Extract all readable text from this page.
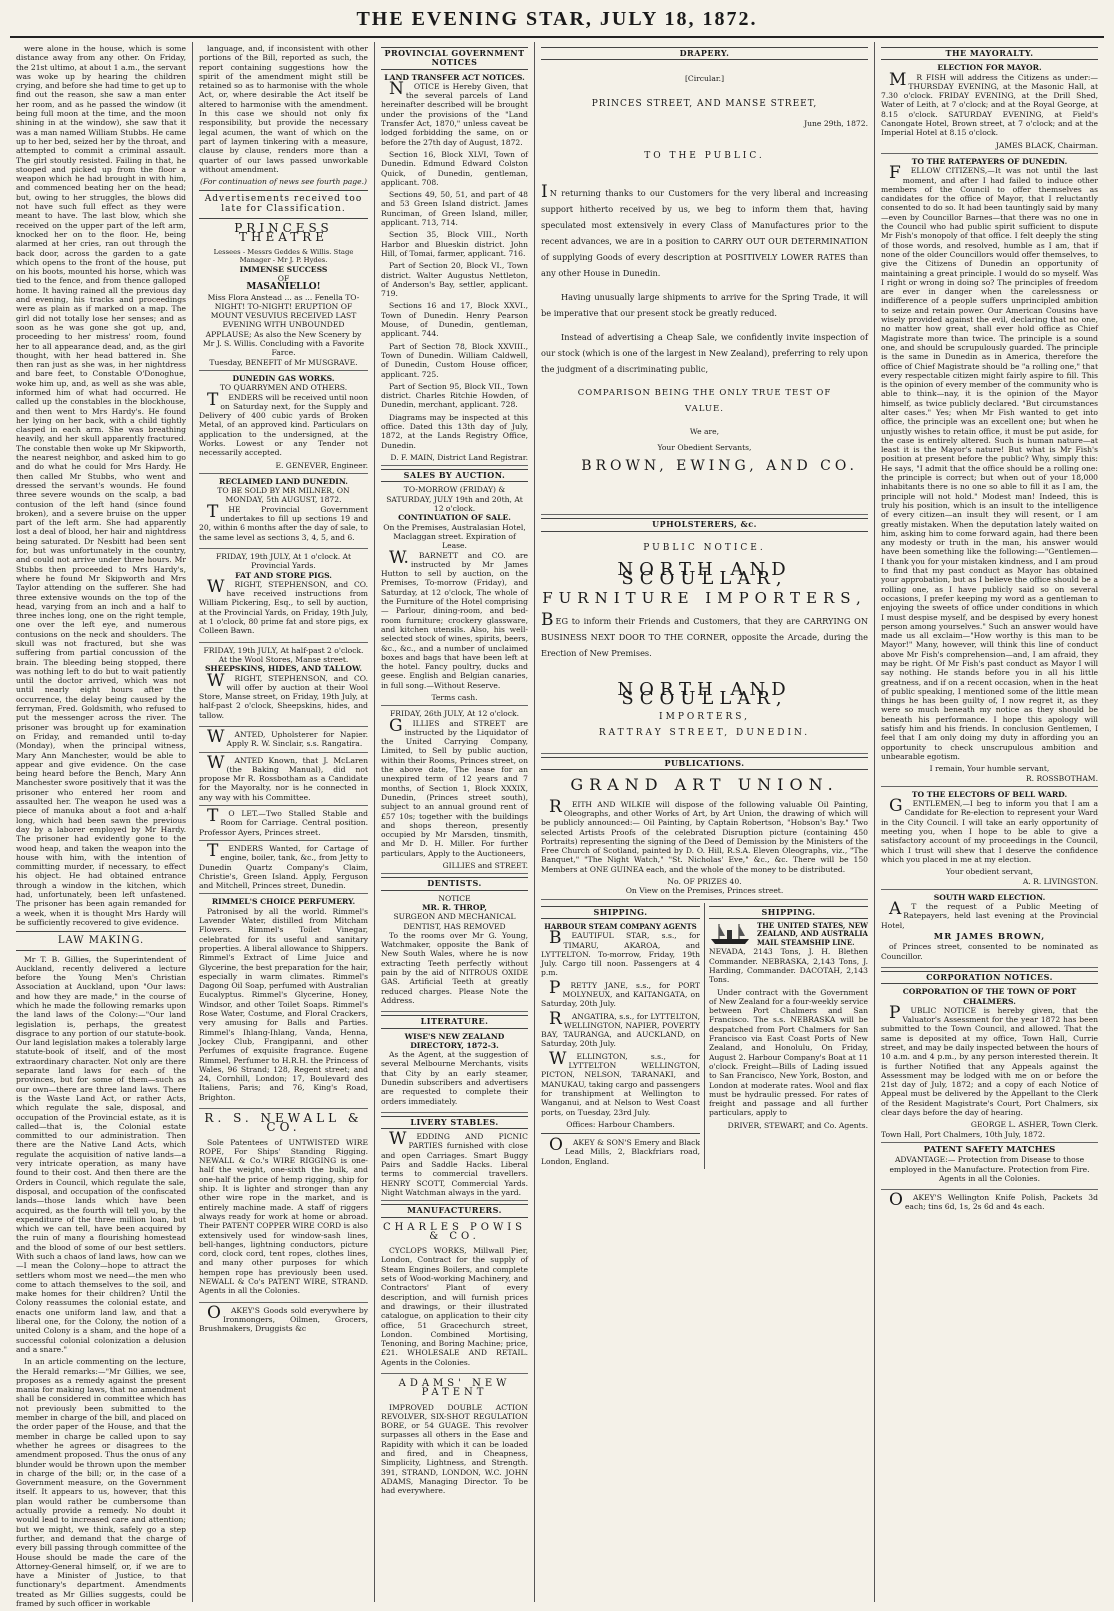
THE EVENING STAR, JULY 18, 1872.

were alone in the house, which is some distance away from any other. On Friday, the 21st ultimo, at about 1 a.m., the servant was woke up by hearing the children crying, and before she had time to get up to find out the reason, she saw a man enter her room, and as he passed the window (it being full moon at the time, and the moon shining in at the window), she saw that it was a man named William Stubbs. He came up to her bed, seized her by the throat, and attempted to commit a criminal assault. The girl stoutly resisted. Failing in that, he stooped and picked up from the floor a weapon which he had brought in with him, and commenced beating her on the head; but, owing to her struggles, the blows did not have such full effect as they were meant to have. The last blow, which she received on the upper part of the left arm, knocked her on to the floor. He, being alarmed at her cries, ran out through the back door, across the garden to a gate which opens to the front of the house, put on his boots, mounted his horse, which was tied to the fence, and from thence galloped home. It having rained all the previous day and evening, his tracks and proceedings were as plain as if marked on a map. The girl did not totally lose her senses; and as soon as he was gone she got up, and, proceeding to her mistress' room, found her to all appearance dead, and, as the girl thought, with her head battered in. She then ran just as she was, in her nightdress and bare feet, to Constable O'Donoghue, woke him up, and, as well as she was able, informed him of what had occurred. He called up the constables in the blockhouse, and then went to Mrs Hardy's. He found her lying on her back, with a child tightly clasped in each arm. She was breathing heavily, and her skull apparently fractured. The constable then woke up Mr Skipworth, the nearest neighbor, and asked him to go and do what he could for Mrs Hardy. He then called Mr Stubbs, who went and dressed the servant's wounds. He found three severe wounds on the scalp, a bad contusion of the left hand (since found broken), and a severe bruise on the upper part of the left arm. She had apparently lost a deal of blood, her hair and nightdress being saturated. Dr Nesbitt had been sent for, but was unfortunately in the country, and could not arrive under three hours. Mr Stubbs then proceeded to Mrs Hardy's, where he found Mr Skipworth and Mrs Taylor attending on the sufferer. She had three extensive wounds on the top of the head, varying from an inch and a half to three inches long, one on the right temple, one over the left eye, and numerous contusions on the neck and shoulders. The skull was not fractured, but she was suffering from partial concussion of the brain. The bleeding being stopped, there was nothing left to do but to wait patiently until the doctor arrived, which was not until nearly eight hours after the occurrence, the delay being caused by the ferryman, Fred. Goldsmith, who refused to put the messenger across the river. The prisoner was brought up for examination on Friday, and remanded until to-day (Monday), when the principal witness, Mary Ann Manchester, would be able to appear and give evidence. On the case being heard before the Bench, Mary Ann Manchester swore positively that it was the prisoner who entered her room and assaulted her. The weapon he used was a piece of manuka about a foot and a-half long, which had been sawn the previous day by a laborer employed by Mr Hardy. The prisoner had evidently gone to the wood heap, and taken the weapon into the house with him, with the intention of committing murder, if necessary, to effect his object. He had obtained entrance through a window in the kitchen, which had, unfortunately, been left unfastened. The prisoner has been again remanded for a week, when it is thought Mrs Hardy will be sufficiently recovered to give evidence.

LAW MAKING.

Mr T. B. Gillies, the Superintendent of Auckland, recently delivered a lecture before the Young Men's Christian Association at Auckland, upon "Our laws: and how they are made," in the course of which he made the following remarks upon the land laws of the Colony:—"Our land legislation is, perhaps, the greatest disgrace to any portion of our statute-book. Our land legislation makes a tolerably large statute-book of itself, and of the most extraordinary character. Not only are there separate land laws for each of the provinces, but for some of them—such as our own—there are three land laws. There is the Waste Land Act, or rather Acts, which regulate the sale, disposal, and occupation of the Provincial estate, as it is called—that is, the Colonial estate committed to our administration. Then there are the Native Land Acts, which regulate the acquisition of native lands—a very intricate operation, as many have found to their cost. And then there are the Orders in Council, which regulate the sale, disposal, and occupation of the confiscated lands—those lands which have been acquired, as the fourth will tell you, by the expenditure of the three million loan, but which we can tell, have been acquired by the ruin of many a flourishing homestead and the blood of some of our best settlers. With such a chaos of land laws, how can we—I mean the Colony—hope to attract the settlers whom most we need—the men who come to attach themselves to the soil, and make homes for their children? Until the Colony reassumes the colonial estate, and enacts one uniform land law, and that a liberal one, for the Colony, the notion of a united Colony is a sham, and the hope of a successful colonial colonization a delusion and a snare."

In an article commenting on the lecture, the Herald remarks:—"Mr Gillies, we see, proposes as a remedy against the present mania for making laws, that no amendment shall be considered in committee which has not previously been submitted to the member in charge of the bill, and placed on the order paper of the House, and that the member in charge be called upon to say whether he agrees or disagrees to the amendment proposed. Thus the onus of any blunder would be thrown upon the member in charge of the bill; or, in the case of a Government measure, on the Government itself. It appears to us, however, that this plan would rather be cumbersome than actually provide a remedy. No doubt it would lead to increased care and attention; but we might, we think, safely go a step further, and demand that the charge of every bill passing through committee of the House should be made the care of the Attorney-General himself, or, if we are to have a Minister of Justice, to that functionary's department. Amendments treated as Mr Gillies suggests, could be framed by such officer in workable

language, and, if inconsistent with other portions of the Bill, reported as such, the report containing suggestions how the spirit of the amendment might still be retained so as to harmonise with the whole Act, or, where desirable the Act itself be altered to harmonise with the amendment. In this case we should not only fix responsibility, but provide the necessary legal acumen, the want of which on the part of laymen tinkering with a measure, clause by clause, renders more than a quarter of our laws passed unworkable without amendment.

(For continuation of news see fourth page.)
Advertisements received too late for Classification.
PRINCESS THEATRE
Lessees - Messrs Geddes & Willis. Stage Manager - Mr J. P. Hydes.
IMMENSE SUCCESS
OF
MASANIELLO!
Miss Flora Anstead ... as ... Fenella TO-NIGHT! TO-NIGHT! ERUPTION OF MOUNT VESUVIUS RECEIVED LAST EVENING WITH UNBOUNDED APPLAUSE; As also the New Scenery by Mr J. S. Willis. Concluding with a Favorite Farce.
Tuesday, BENEFIT of Mr MUSGRAVE.
DUNEDIN GAS WORKS.
TO QUARRYMEN AND OTHERS.

TENDERS will be received until noon on Saturday next, for the Supply and Delivery of 400 cubic yards of Broken Metal, of an approved kind. Particulars on application to the undersigned, at the Works. Lowest or any Tender not necessarily accepted.

E. GENEVER, Engineer.
RECLAIMED LAND DUNEDIN.
TO BE SOLD BY MR MILNER, ON MONDAY, 5th AUGUST, 1872.

THE Provincial Government undertakes to fill up sections 19 and 20, within 6 months after the day of sale, to the same level as sections 3, 4, 5, and 6.

FRIDAY, 19th JULY, At 1 o'clock. At Provincial Yards.
FAT AND STORE PIGS.

WRIGHT, STEPHENSON, and CO. have received instructions from William Pickering, Esq., to sell by auction, at the Provincial Yards, on Friday, 19th July, at 1 o'clock, 80 prime fat and store pigs, ex Colleen Bawn.

FRIDAY, 19th JULY, At half-past 2 o'clock. At the Wool Stores, Manse street.
SHEEPSKINS, HIDES, AND TALLOW.

WRIGHT, STEPHENSON, and CO. will offer by auction at their Wool Store, Manse street, on Friday, 19th July, at half-past 2 o'clock, Sheepskins, hides, and tallow.

WANTED, Upholsterer for Napier. Apply R. W. Sinclair, s.s. Rangatira.

WANTED Known, that J. McLaren (the Baking Manual), did not propose Mr R. Rossbotham as a Candidate for the Mayoralty, nor is he connected in any way with his Committee.

TO LET.—Two Stalled Stable and Room for Carriage. Central position. Professor Ayers, Princes street.

TENDERS Wanted, for Cartage of engine, boiler, tank, &c., from Jetty to Dunedin Quartz Company's Claim, Christie's, Green Island. Apply, Ferguson and Mitchell, Princes street, Dunedin.

RIMMEL'S CHOICE PERFUMERY.

Patronised by all the world. Rimmel's Lavender Water, distilled from Mitcham Flowers. Rimmel's Toilet Vinegar, celebrated for its useful and sanitary properties. A liberal allowance to Shippers. Rimmel's Extract of Lime Juice and Glycerine, the best preparation for the hair, especially in warm climates. Rimmel's Dagong Oil Soap, perfumed with Australian Eucalyptus. Rimmel's Glycerine, Honey, Windsor, and other Toilet Soaps. Rimmel's Rose Water, Costume, and Floral Crackers, very amusing for Balls and Parties. Rimmel's Ihlang-Ihlang, Vanda, Henna, Jockey Club, Frangipanni, and other Perfumes of exquisite fragrance. Eugene Rimmel, Perfumer to H.R.H. the Princess of Wales, 96 Strand; 128, Regent street; and 24, Cornhill, London; 17, Boulevard des Italiens, Paris; and 76, King's Road, Brighton.

R. S. NEWALL & CO.

Sole Patentees of UNTWISTED WIRE ROPE, For Ships' Standing Rigging. NEWALL & Co.'s WIRE RIGGING is one-half the weight, one-sixth the bulk, and one-half the price of hemp rigging, ship for ship. It is lighter and stronger than any other wire rope in the market, and is entirely machine made. A staff of riggers always ready for work at home or abroad. Their PATENT COPPER WIRE CORD is also extensively used for window-sash lines, bell-hanges, lightning conductors, picture cord, clock cord, tent ropes, clothes lines, and many other purposes for which hempen rope has previously been used. NEWALL & Co's PATENT WIRE, STRAND. Agents in all the Colonies.

OAKEY'S Goods sold everywhere by Ironmongers, Oilmen, Grocers, Brushmakers, Druggists &c

PROVINCIAL GOVERNMENT NOTICES
LAND TRANSFER ACT NOTICES.

NOTICE is Hereby Given, that the several parcels of Land hereinafter described will be brought under the provisions of the "Land Transfer Act, 1870," unless caveat be lodged forbidding the same, on or before the 27th day of August, 1872.

Section 16, Block XLVI, Town of Dunedin. Edmund Edward Colston Quick, of Dunedin, gentleman, applicant. 708.

Sections 49, 50, 51, and part of 48 and 53 Green Island district. James Runciman, of Green Island, miller, applicant. 713, 714.

Section 35, Block VIII., North Harbor and Blueskin district. John Hill, of Tomai, farmer, applicant. 716.

Part of Section 20, Block VI., Town district. Walter Augustus Nettleton, of Anderson's Bay, settler, applicant. 719.

Sections 16 and 17, Block XXVI., Town of Dunedin. Henry Pearson Mouse, of Dunedin, gentleman, applicant. 744.

Part of Section 78, Block XXVIII., Town of Dunedin. William Caldwell, of Dunedin, Custom House officer, applicant. 725.

Part of Section 95, Block VII., Town district. Charles Ritchie Howden, of Dunedin, merchant, applicant. 728.

Diagrams may be inspected at this office. Dated this 13th day of July, 1872, at the Lands Registry Office, Dunedin.

D. F. MAIN, District Land Registrar.
SALES BY AUCTION.
TO-MORROW (FRIDAY) & SATURDAY, JULY 19th and 20th, At 12 o'clock.
CONTINUATION OF SALE.
On the Premises, Australasian Hotel, Maclaggan street. Expiration of Lease.

W.BARNETT and CO. are instructed by Mr James Hutton to sell by auction, on the Premises, To-morrow (Friday), and Saturday, at 12 o'clock, The whole of the Furniture of the Hotel comprising — Parlour, dining-room, and bed-room furniture; crockery glassware, and kitchen utensils. Also, his well-selected stock of wines, spirits, beers, &c., &c., and a number of unclaimed boxes and bags that have been left at the hotel. Fancy poultry, ducks and geese. English and Belgian canaries, in full song.—Without Reserve.

Terms cash.
FRIDAY, 26th JULY, At 12 o'clock.

GILLIES and STREET are instructed by the Liquidator of the United Carrying Company, Limited, to Sell by public auction, within their Rooms, Princes street, on the above date, The lease for an unexpired term of 12 years and 7 months, of Section 1, Block XXXIX, Dunedin, (Princes street south), subject to an annual ground rent of £57 10s; together with the buildings and shops thereon, presently occupied by Mr Marsden, tinsmith, and Mr D. H. Miller. For further particulars, Apply to the Auctioneers,

GILLIES and STREET.
DENTISTS.
NOTICE
MR. R. THROP,
SURGEON AND MECHANICAL DENTIST, HAS REMOVED

To the rooms over Mr G. Young, Watchmaker, opposite the Bank of New South Wales, where he is now extracting Teeth perfectly without pain by the aid of NITROUS OXIDE GAS. Artificial Teeth at greatly reduced charges. Please Note the Address.

LITERATURE.
WISE'S NEW ZEALAND DIRECTORY, 1872-3.

As the Agent, at the suggestion of several Melbourne Merchants, visits that City by an early steamer, Dunedin subscribers and advertisers are requested to complete their orders immediately.

LIVERY STABLES.

WEDDING AND PICNIC PARTIES furnished with close and open Carriages. Smart Buggy Pairs and Saddle Hacks. Liberal terms to commercial travellers. HENRY SCOTT, Commercial Yards. Night Watchman always in the yard.

MANUFACTURERS.
CHARLES POWIS & CO.

CYCLOPS WORKS, Millwall Pier, London, Contract for the supply of Steam Engines Boilers, and complete sets of Wood-working Machinery, and Contractors' Plant of every description, and will furnish prices and drawings, or their illustrated catalogue, on application to their city office, 51 Gracechurch street, London. Combined Mortising, Tenoning, and Boring Machine; price, £21. WHOLESALE AND RETAIL. Agents in the Colonies.

ADAMS' NEW PATENT

IMPROVED DOUBLE ACTION REVOLVER, SIX-SHOT REGULATION BORE, or 54 GUAGE. This revolver surpasses all others in the Ease and Rapidity with which it can be loaded and fired, and in Cheapness, Simplicity, Lightness, and Strength. 391, STRAND, LONDON, W.C. JOHN ADAMS, Managing Director. To be had everywhere.

DRAPERY.
[Circular.]
PRINCES STREET, AND MANSE STREET,
June 29th, 1872.
TO THE PUBLIC.

IN returning thanks to our Customers for the very liberal and increasing support hitherto received by us, we beg to inform them that, having speculated most extensively in every Class of Manufactures prior to the recent advances, we are in a position to CARRY OUT OUR DETERMINATION of supplying Goods of every description at POSITIVELY LOWER RATES than any other House in Dunedin.

Having unusually large shipments to arrive for the Spring Trade, it will be imperative that our present stock be greatly reduced.

Instead of advertising a Cheap Sale, we confidently invite inspection of our stock (which is one of the largest in New Zealand), preferring to rely upon the judgment of a discriminating public,

COMPARISON BEING THE ONLY TRUE TEST OF VALUE.
We are,
Your Obedient Servants,
BROWN, EWING, AND CO.
UPHOLSTERERS, &c.
PUBLIC NOTICE.
NORTH AND SCOULLAR,
FURNITURE IMPORTERS,

BEG to inform their Friends and Customers, that they are CARRYING ON BUSINESS NEXT DOOR TO THE CORNER, opposite the Arcade, during the Erection of New Premises.

NORTH AND SCOULLAR,
IMPORTERS,
RATTRAY STREET, DUNEDIN.
PUBLICATIONS.
GRAND ART UNION.

REITH AND WILKIE will dispose of the following valuable Oil Painting, Oleographs, and other Works of Art, by Art Union, the drawing of which will be publicly announced:— Oil Painting, by Captain Robertson, "Hobson's Bay." Two selected Artists Proofs of the celebrated Disruption picture (containing 450 Portraits) representing the signing of the Deed of Demission by the Ministers of the Free Church of Scotland, painted by D. O. Hill, R.S.A. Eleven Oleographs, viz., "The Banquet," "The Night Watch," "St. Nicholas' Eve," &c., &c. There will be 150 Members at ONE GUINEA each, and the whole of the money to be distributed.

No. OF PRIZES 40.
On View on the Premises, Princes street.
SHIPPING.
HARBOUR STEAM COMPANY AGENTS

BEAUTIFUL STAR, s.s., for TIMARU, AKAROA, and LYTTELTON. To-morrow, Friday, 19th July. Cargo till noon. Passengers at 4 p.m.

PRETTY JANE, s.s., for PORT MOLYNEUX, and KAITANGATA, on Saturday, 20th July.

RANGATIRA, s.s., for LYTTELTON, WELLINGTON, NAPIER, POVERTY BAY, TAURANGA, and AUCKLAND, on Saturday, 20th July.

WELLINGTON, s.s., for LYTTELTON WELLINGTON, PICTON, NELSON, TARANAKI, and MANUKAU, taking cargo and passengers for transhipment at Wellington to Wanganui, and at Nelson to West Coast ports, on Tuesday, 23rd July.

Offices: Harbour Chambers.

OAKEY & SON'S Emery and Black Lead Mills, 2, Blackfriars road, London, England.

SHIPPING.
THE UNITED STATES, NEW ZEALAND, AND AUSTRALIA MAIL STEAMSHIP LINE.

NEVADA, 2143 Tons, J. H. Blethen Commander. NEBRASKA, 2,143 Tons, J. Harding, Commander. DACOTAH, 2,143 Tons.

Under contract with the Government of New Zealand for a four-weekly service between Port Chalmers and San Francisco. The s.s. NEBRASKA will be despatched from Port Chalmers for San Francisco via East Coast Ports of New Zealand, and Honolulu, On Friday, August 2. Harbour Company's Boat at 11 o'clock. Freight—Bills of Lading issued to San Francisco, New York, Boston, and London at moderate rates. Wool and flax must be hydraulic pressed. For rates of freight and passage and all further particulars, apply to

DRIVER, STEWART, and Co. Agents.
THE MAYORALTY.
ELECTION FOR MAYOR.

MR FISH will address the Citizens as under:— THURSDAY EVENING, at the Masonic Hall, at 7.30 o'clock. FRIDAY EVENING, at the Drill Shed, Water of Leith, at 7 o'clock; and at the Royal George, at 8.15 o'clock. SATURDAY EVENING, at Field's Canongate Hotel, Brown street, at 7 o'clock; and at the Imperial Hotel at 8.15 o'clock.

JAMES BLACK, Chairman.
TO THE RATEPAYERS OF DUNEDIN.

FELLOW CITIZENS,—It was not until the last moment, and after I had failed to induce other members of the Council to offer themselves as candidates for the office of Mayor, that I reluctantly consented to do so. It had been tauntingly said by many—even by Councillor Barnes—that there was no one in the Council who had public spirit sufficient to dispute Mr Fish's monopoly of that office. I felt deeply the sting of those words, and resolved, humble as I am, that if none of the older Councillors would offer themselves, to give the Citizens of Dunedin an opportunity of maintaining a great principle. I would do so myself. Was I right or wrong in doing so? The principles of freedom are ever in danger when the carelessness or indifference of a people suffers unprincipled ambition to seize and retain power. Our American Cousins have wisely provided against the evil, declaring that no one, no matter how great, shall ever hold office as Chief Magistrate more than twice. The principle is a sound one, and should be scrupulously guarded. The principle is the same in Dunedin as in America, therefore the office of Chief Magistrate should be "a rolling one," that every respectable citizen might fairly aspire to fill. This is the opinion of every member of the community who is able to think—nay, it is the opinion of the Mayor himself, as twice publicly declared. "But circumstances alter cases." Yes; when Mr Fish wanted to get into office, the principle was an excellent one; but when he unjustly wishes to retain office, it must be put aside, for the case is entirely altered. Such is human nature—at least it is the Mayor's nature! But what is Mr Fish's position at present before the public? Why, simply this: He says, "I admit that the office should be a rolling one: the principle is correct; but when out of your 18,000 inhabitants there is no one so able to fill it as I am, the principle will not hold." Modest man! Indeed, this is truly his position, which is an insult to the intelligence of every citizen—an insult they will resent, or I am greatly mistaken. When the deputation lately waited on him, asking him to come forward again, had there been any modesty or truth in the man, his answer would have been something like the following:—"Gentlemen—I thank you for your mistaken kindness, and I am proud to find that my past conduct as Mayor has obtained your approbation, but as I believe the office should be a rolling one, as I have publicly said so on several occasions, I prefer keeping my word as a gentleman to enjoying the sweets of office under conditions in which I must despise myself, and be despised by every honest person among yourselves." Such an answer would have made us all exclaim—"How worthy is this man to be Mayor!" Many, however, will think this line of conduct above Mr Fish's comprehension—and, I am afraid, they may be right. Of Mr Fish's past conduct as Mayor I will say nothing. He stands before you in all his little greatness, and if on a recent occasion, when in the heat of public speaking, I mentioned some of the little mean things he has been guilty of, I now regret it, as they were so much beneath my notice as they should be beneath his performance. I hope this apology will satisfy him and his friends. In conclusion Gentlemen, I feel that I am only doing my duty in affording you an opportunity to check unscrupulous ambition and unbearable egotism.

I remain, Your humble servant,
R. ROSSBOTHAM.
TO THE ELECTORS OF BELL WARD.

GENTLEMEN,—I beg to inform you that I am a Candidate for Re-election to represent your Ward in the City Council. I will take an early opportunity of meeting you, when I hope to be able to give a satisfactory account of my proceedings in the Council, which I trust will shew that I deserve the confidence which you placed in me at my election.

Your obedient servant,
A. R. LIVINGSTON.
SOUTH WARD ELECTION.

AT the request of a Public Meeting of Ratepayers, held last evening at the Provincial Hotel,

MR JAMES BROWN,

of Princes street, consented to be nominated as Councillor.

CORPORATION NOTICES.
CORPORATION OF THE TOWN OF PORT CHALMERS.

PUBLIC NOTICE is hereby given, that the Valuator's Assessment for the year 1872 has been submitted to the Town Council, and allowed. That the same is deposited at my office, Town Hall, Currie street, and may be daily inspected between the hours of 10 a.m. and 4 p.m., by any person interested therein. It is further Notified that any Appeals against the Assessment may be lodged with me on or before the 21st day of July, 1872; and a copy of each Notice of Appeal must be delivered by the Appellant to the Clerk of the Resident Magistrate's Court, Port Chalmers, six clear days before the day of hearing.

GEORGE L. ASHER, Town Clerk.
Town Hall, Port Chalmers, 10th July, 1872.
PATENT SAFETY MATCHES

ADVANTAGE:— Protection from Disease to those employed in the Manufacture. Protection from Fire. Agents in all the Colonies.

OAKEY'S Wellington Knife Polish, Packets 3d each; tins 6d, 1s, 2s 6d and 4s each.
